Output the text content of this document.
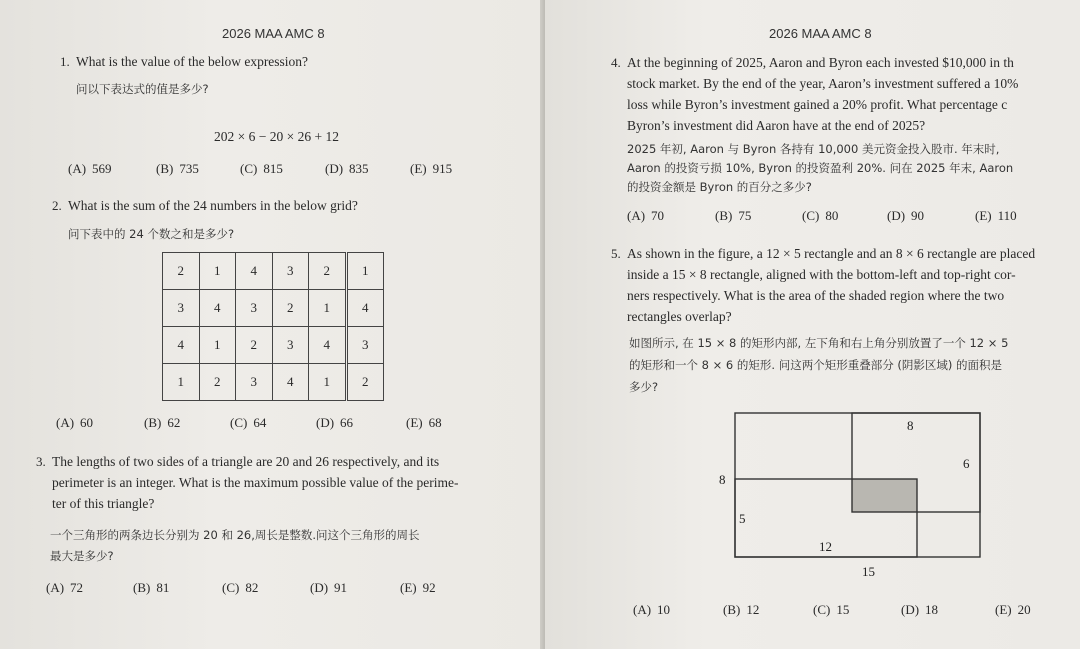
2026 MAA AMC 8
1. What is the value of the below expression?
问以下表达式的值是多少?
202 × 6 − 20 × 26 + 12
(A) 569	(B) 735	(C) 815	(D) 835	(E) 915
2. What is the sum of the 24 numbers in the below grid?
问下表中的 24 个数之和是多少?
2	1	4	3	2	1
3	4	3	2	1	4
4	1	2	3	4	3
1	2	3	4	1	2
(A) 60	(B) 62	(C) 64	(D) 66	(E) 68
3. The lengths of two sides of a triangle are 20 and 26 respectively, and its
perimeter is an integer. What is the maximum possible value of the perime-
ter of this triangle?
一个三角形的两条边长分别为 20 和 26,周长是整数.问这个三角形的周长
最大是多少?
(A) 72	(B) 81	(C) 82	(D) 91	(E) 92
2026 MAA AMC 8
4. At the beginning of 2025, Aaron and Byron each invested $10,000 in th
stock market. By the end of the year, Aaron’s investment suffered a 10%
loss while Byron’s investment gained a 20% profit. What percentage c
Byron’s investment did Aaron have at the end of 2025?
2025 年初, Aaron 与 Byron 各持有 10,000 美元资金投入股市. 年末时,
Aaron 的投资亏损 10%, Byron 的投资盈利 20%. 问在 2025 年末, Aaron
的投资金额是 Byron 的百分之多少?
(A) 70	(B) 75	(C) 80	(D) 90	(E) 110
5. As shown in the figure, a 12 × 5 rectangle and an 8 × 6 rectangle are placed
inside a 15 × 8 rectangle, aligned with the bottom-left and top-right cor-
ners respectively. What is the area of the shaded region where the two
rectangles overlap?
如图所示, 在 15 × 8 的矩形内部, 左下角和右上角分别放置了一个 12 × 5
的矩形和一个 8 × 6 的矩形. 问这两个矩形重叠部分 (阴影区域) 的面积是
多少?
8
6
8
5
12
15
(A) 10	(B) 12	(C) 15	(D) 18	(E) 20
